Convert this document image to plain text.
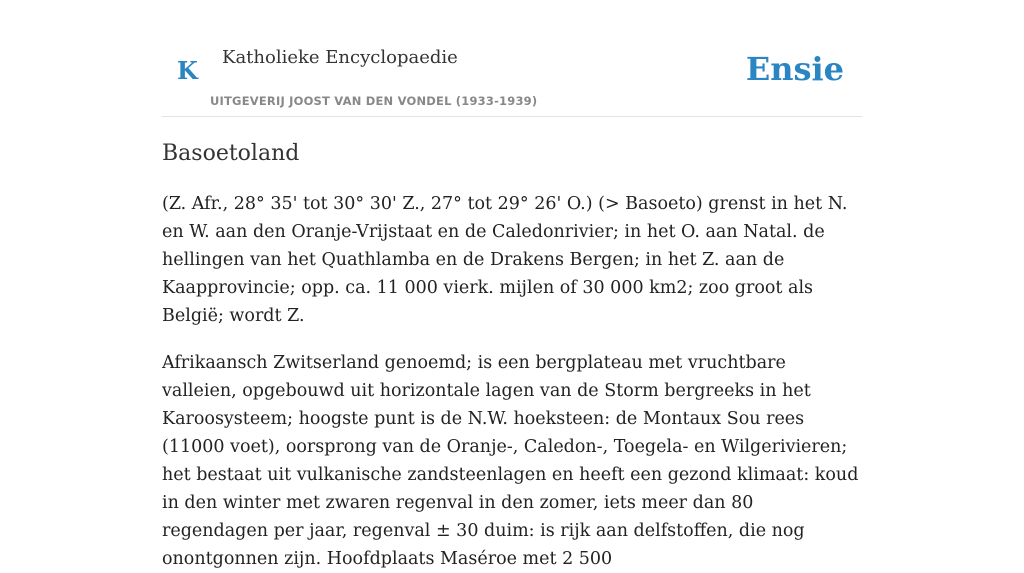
K Katholieke Encyclopaedie
UITGEVERIJ JOOST VAN DEN VONDEL (1933-1939)
Ensie
Basoetoland

(Z. Afr., 28° 35' tot 30° 30' Z., 27° tot 29° 26' O.) (> Basoeto) grenst in het N. en W. aan den Oranje-Vrijstaat en de Caledonrivier; in het O. aan Natal. de hellingen van het Quathlamba en de Drakens Bergen; in het Z. aan de Kaapprovincie; opp. ca. 11 000 vierk. mijlen of 30 000 km2; zoo groot als België; wordt Z.

Afrikaansch Zwitserland genoemd; is een bergplateau met vruchtbare valleien, opgebouwd uit horizontale lagen van de Storm bergreeks in het Karoosysteem; hoogste punt is de N.W. hoeksteen: de Montaux Sou rees (11000 voet), oorsprong van de Oranje-, Caledon-, Toegela- en Wilgerivieren; het bestaat uit vulkanische zandsteenlagen en heeft een gezond klimaat: koud in den winter met zwaren regenval in den zomer, iets meer dan 80 regendagen per jaar, regenval ± 30 duim: is rijk aan delfstoffen, die nog onontgonnen zijn. Hoofdplaats Maséroe met 2 500
